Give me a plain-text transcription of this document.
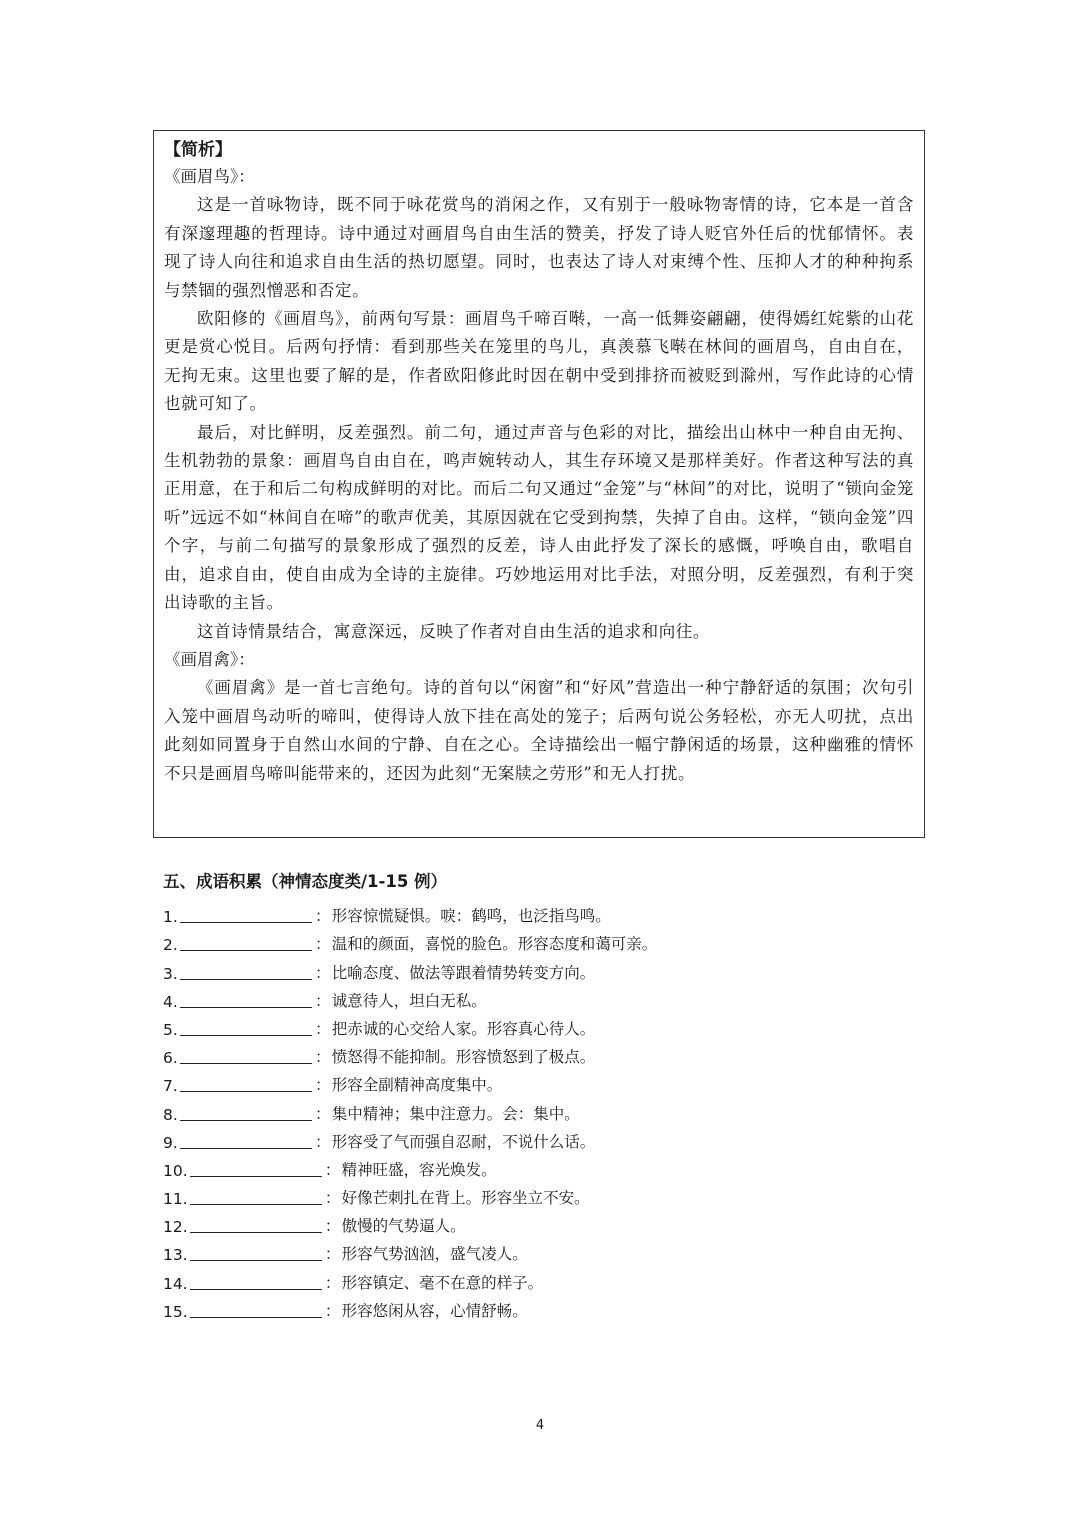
【简析】

《画眉鸟》：

这是一首咏物诗，既不同于咏花赏鸟的消闲之作，又有别于一般咏物寄情的诗，它本是一首含有深邃理趣的哲理诗。诗中通过对画眉鸟自由生活的赞美，抒发了诗人贬官外任后的忧郁情怀。表现了诗人向往和追求自由生活的热切愿望。同时，也表达了诗人对束缚个性、压抑人才的种种拘系与禁锢的强烈憎恶和否定。

欧阳修的《画眉鸟》，前两句写景：画眉鸟千啼百啭，一高一低舞姿翩翩，使得嫣红姹紫的山花更是赏心悦目。后两句抒情：看到那些关在笼里的鸟儿，真羡慕飞啭在林间的画眉鸟，自由自在，无拘无束。这里也要了解的是，作者欧阳修此时因在朝中受到排挤而被贬到滁州，写作此诗的心情也就可知了。

最后，对比鲜明，反差强烈。前二句，通过声音与色彩的对比，描绘出山林中一种自由无拘、生机勃勃的景象：画眉鸟自由自在，鸣声婉转动人，其生存环境又是那样美好。作者这种写法的真正用意，在于和后二句构成鲜明的对比。而后二句又通过“金笼”与“林间”的对比，说明了“锁向金笼听”远远不如“林间自在啼”的歌声优美，其原因就在它受到拘禁，失掉了自由。这样，“锁向金笼”四个字，与前二句描写的景象形成了强烈的反差，诗人由此抒发了深长的感慨，呼唤自由，歌唱自由，追求自由，使自由成为全诗的主旋律。巧妙地运用对比手法，对照分明，反差强烈，有利于突出诗歌的主旨。

这首诗情景结合，寓意深远，反映了作者对自由生活的追求和向往。

《画眉禽》：

《画眉禽》是一首七言绝句。诗的首句以“闲窗”和“好风”营造出一种宁静舒适的氛围；次句引入笼中画眉鸟动听的啼叫，使得诗人放下挂在高处的笼子；后两句说公务轻松，亦无人叨扰，点出此刻如同置身于自然山水间的宁静、自在之心。全诗描绘出一幅宁静闲适的场景，这种幽雅的情怀不只是画眉鸟啼叫能带来的，还因为此刻“无案牍之劳形”和无人打扰。

五、成语积累（神情态度类/1-15 例）
1.	： 形容惊慌疑惧。唳：鹤鸣，也泛指鸟鸣。
2.	： 温和的颜面，喜悦的脸色。形容态度和蔼可亲。
3.	： 比喻态度、做法等跟着情势转变方向。
4.	： 诚意待人，坦白无私。
5.	： 把赤诚的心交给人家。形容真心待人。
6.	： 愤怒得不能抑制。形容愤怒到了极点。
7.	： 形容全副精神高度集中。
8.	： 集中精神；集中注意力。会：集中。
9.	： 形容受了气而强自忍耐，不说什么话。
10.	： 精神旺盛，容光焕发。
11.	： 好像芒刺扎在背上。形容坐立不安。
12.	： 傲慢的气势逼人。
13.	： 形容气势汹汹，盛气凌人。
14.	： 形容镇定、毫不在意的样子。
15.	： 形容悠闲从容，心情舒畅。
4
